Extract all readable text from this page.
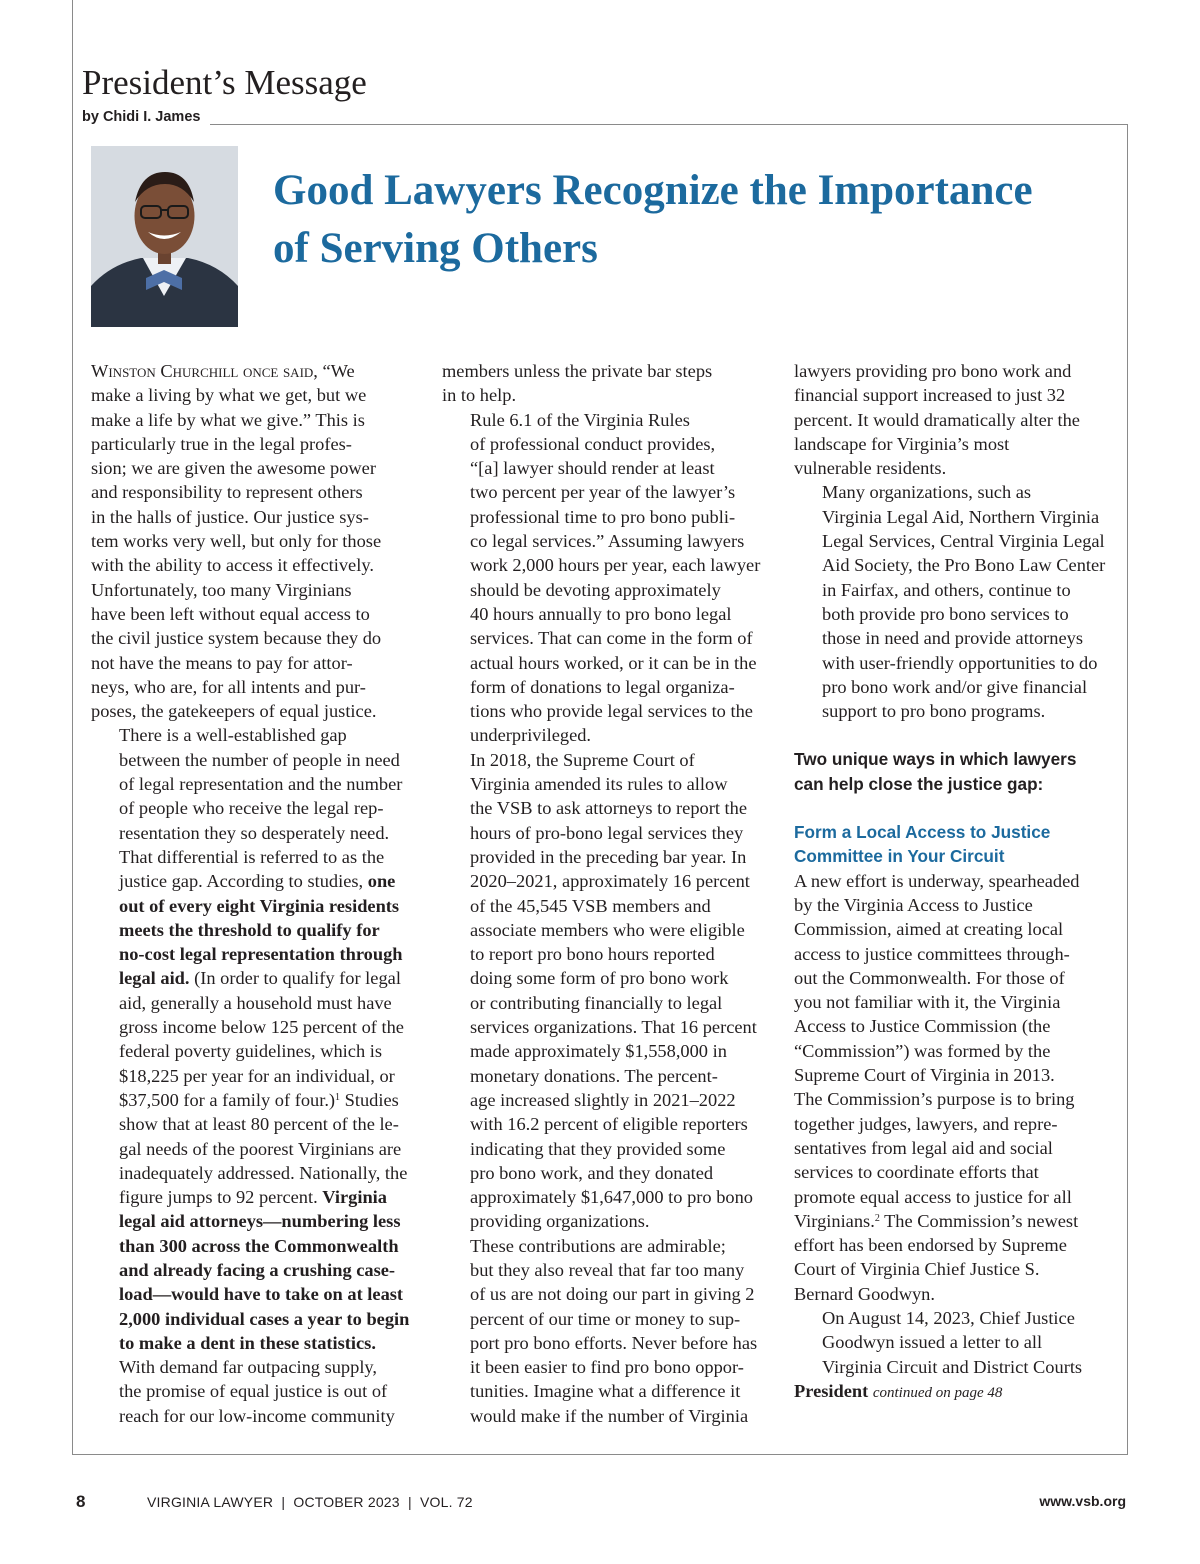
President’s Message
by Chidi I. James
Good Lawyers Recognize the Importance
of Serving Others

Winston Churchill once said, “We
make a living by what we get, but we
make a life by what we give.” This is
particularly true in the legal profes-
sion; we are given the awesome power
and responsibility to represent others
in the halls of justice. Our justice sys-
tem works very well, but only for those
with the ability to access it effectively.
Unfortunately, too many Virginians
have been left without equal access to
the civil justice system because they do
not have the means to pay for attor-
neys, who are, for all intents and pur-
poses, the gatekeepers of equal justice.

There is a well-established gap
between the number of people in need
of legal representation and the number
of people who receive the legal rep-
resentation they so desperately need.
That differential is referred to as the
justice gap. According to studies, one
out of every eight Virginia residents
meets the threshold to qualify for
no-cost legal representation through
legal aid. (In order to qualify for legal
aid, generally a household must have
gross income below 125 percent of the
federal poverty guidelines, which is
$18,225 per year for an individual, or
$37,500 for a family of four.)$^1$ Studies
show that at least 80 percent of the le-
gal needs of the poorest Virginians are
inadequately addressed. Nationally, the
figure jumps to 92 percent. Virginia
legal aid attorneys—numbering less
than 300 across the Commonwealth
and already facing a crushing case-
load—would have to take on at least
2,000 individual cases a year to begin
to make a dent in these statistics.
With demand far outpacing supply,
the promise of equal justice is out of
reach for our low-income community

members unless the private bar steps
in to help.

Rule 6.1 of the Virginia Rules
of professional conduct provides,
“[a] lawyer should render at least
two percent per year of the lawyer’s
professional time to pro bono publi-
co legal services.” Assuming lawyers
work 2,000 hours per year, each lawyer
should be devoting approximately
40 hours annually to pro bono legal
services. That can come in the form of
actual hours worked, or it can be in the
form of donations to legal organiza-
tions who provide legal services to the
underprivileged.

In 2018, the Supreme Court of
Virginia amended its rules to allow
the VSB to ask attorneys to report the
hours of pro-bono legal services they
provided in the preceding bar year. In
2020–2021, approximately 16 percent
of the 45,545 VSB members and
associate members who were eligible
to report pro bono hours reported
doing some form of pro bono work
or contributing financially to legal
services organizations. That 16 percent
made approximately $1,558,000 in
monetary donations. The percent-
age increased slightly in 2021–2022
with 16.2 percent of eligible reporters
indicating that they provided some
pro bono work, and they donated
approximately $1,647,000 to pro bono
providing organizations.

These contributions are admirable;
but they also reveal that far too many
of us are not doing our part in giving 2
percent of our time or money to sup-
port pro bono efforts. Never before has
it been easier to find pro bono oppor-
tunities. Imagine what a difference it
would make if the number of Virginia

lawyers providing pro bono work and
financial support increased to just 32
percent. It would dramatically alter the
landscape for Virginia’s most
vulnerable residents.

Many organizations, such as
Virginia Legal Aid, Northern Virginia
Legal Services, Central Virginia Legal
Aid Society, the Pro Bono Law Center
in Fairfax, and others, continue to
both provide pro bono services to
those in need and provide attorneys
with user-friendly opportunities to do
pro bono work and/or give financial
support to pro bono programs.

Two unique ways in which lawyers
can help close the justice gap:

Form a Local Access to Justice
Committee in Your Circuit

A new effort is underway, spearheaded
by the Virginia Access to Justice
Commission, aimed at creating local
access to justice committees through-
out the Commonwealth. For those of
you not familiar with it, the Virginia
Access to Justice Commission (the
“Commission”) was formed by the
Supreme Court of Virginia in 2013.
The Commission’s purpose is to bring
together judges, lawyers, and repre-
sentatives from legal aid and social
services to coordinate efforts that
promote equal access to justice for all
Virginians.$^2$ The Commission’s newest
effort has been endorsed by Supreme
Court of Virginia Chief Justice S.
Bernard Goodwyn.

On August 14, 2023, Chief Justice
Goodwyn issued a letter to all
Virginia Circuit and District Courts

President continued on page 48

8	VIRGINIA LAWYER  |  OCTOBER 2023  |  VOL. 72	www.vsb.org
